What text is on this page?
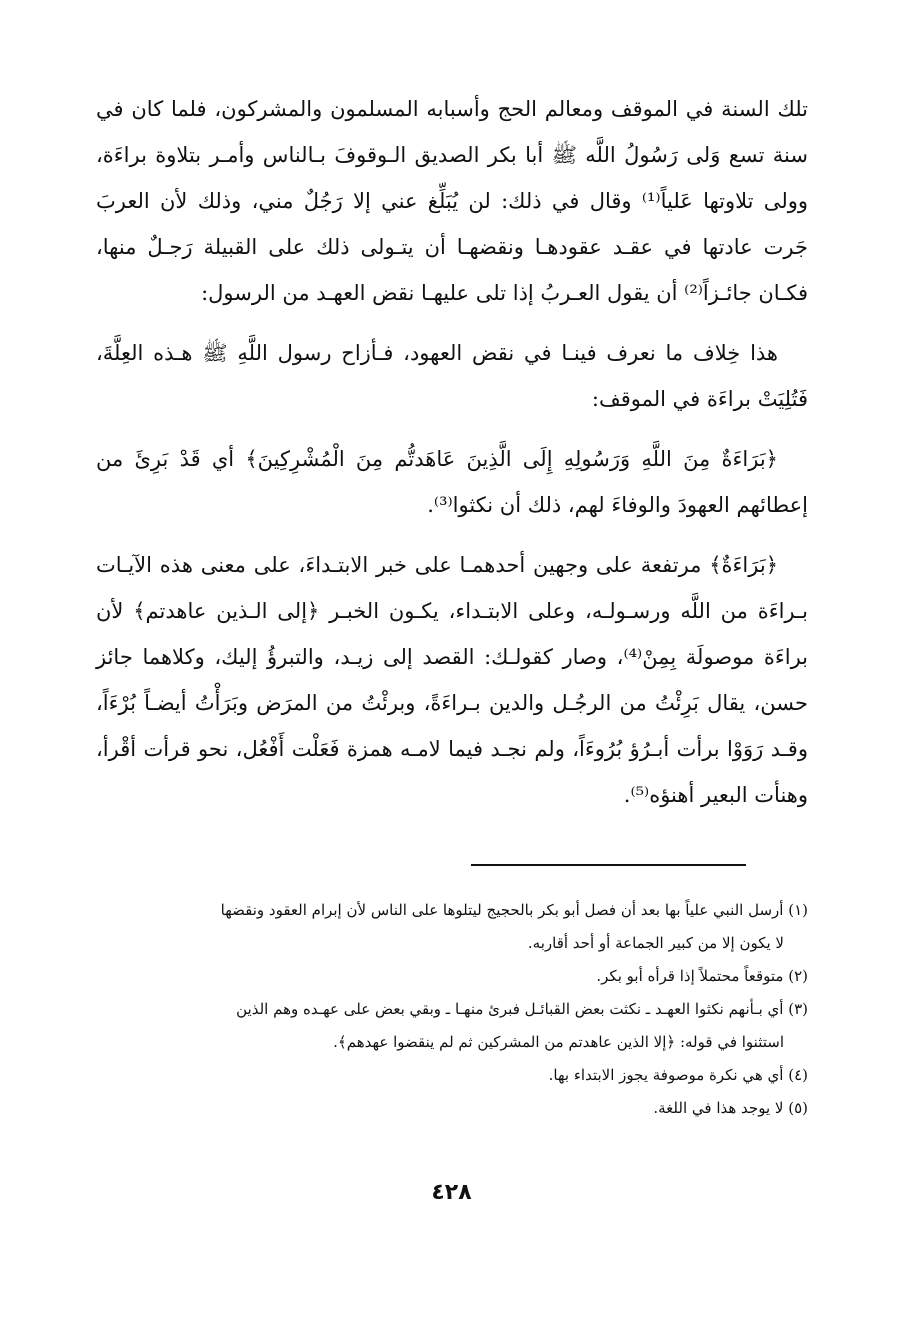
تلك السنة في الموقف ومعالم الحج وأسبابه المسلمون والمشركون، فلما كان في سنة تسع وَلى رَسُولُ اللَّه ﷺ أبا بكر الصديق الـوقوفَ بـالناس وأمـر بتلاوة براءَة، وولى تلاوتها عَلياً⁽¹⁾ وقال في ذلك: لن يُبَلِّغ عني إلا رَجُلٌ مني، وذلك لأن العربَ جَرت عادتها في عقـد عقودهـا ونقضهـا أن يتـولى ذلك على القبيلة رَجـلٌ منها، فكـان جائـزاً⁽²⁾ أن يقول العـربُ إذا تلى عليهـا نقض العهـد من الرسول:

هذا خِلاف ما نعرف فينـا في نقض العهود، فـأزاح رسول اللَّهِ ﷺ هـذه العِلَّةَ، فَتُلِيَتْ براءَة في الموقف:

﴿بَرَاءَةٌ مِنَ اللَّهِ وَرَسُولِهِ إِلَى الَّذِينَ عَاهَدتُّم مِنَ الْمُشْرِكِينَ﴾ أي قَدْ بَرِئَ من إعطائهم العهودَ والوفاءَ لهم، ذلك أن نكثوا⁽³⁾.

﴿بَرَاءَةٌ﴾ مرتفعة على وجهين أحدهمـا على خبر الابتـداءَ، على معنى هذه الآيـات بـراءَة من اللَّه ورسـولـه، وعلى الابتـداء، يكـون الخبـر ﴿إلى الـذين عاهدتم﴾ لأن براءَة موصولَة بِمِنْ⁽⁴⁾، وصار كقولـك: القصد إلى زيـد، والتبرؤُ إليك، وكلاهما جائز حسن، يقال بَرِئْتُ من الرجُـل والدين بـراءَةً، وبرئْتُ من المرَض وبَرَأْتُ أيضـاً بُرْءَاً، وقـد رَوَوْا برأت أبـرُؤ بُرُوءَاً، ولم نجـد فيما لامـه همزة فَعَلْت أَفْعُل، نحو قرأت أقْرأ، وهنأت البعير أهنؤه⁽⁵⁾.

(١) أرسل النبي علياً بها بعد أن فصل أبو بكر بالحجيج ليتلوها على الناس لأن إبرام العقود ونقضها
لا يكون إلا من كبير الجماعة أو أحد أقاربه.

(٢) متوقعاً محتملاً إذا قرأه أبو بكر.

(٣) أي بـأنهم نكثوا العهـد ـ نكثت بعض القبائـل فبرئ منهـا ـ وبقي بعض على عهـده وهم الذين
استثنوا في قوله: ﴿إلا الذين عاهدتم من المشركين ثم لم ينقضوا عهدهم﴾.

(٤) أي هي نكرة موصوفة يجوز الابتداء بها.

(٥) لا يوجد هذا في اللغة.

٤٢٨
